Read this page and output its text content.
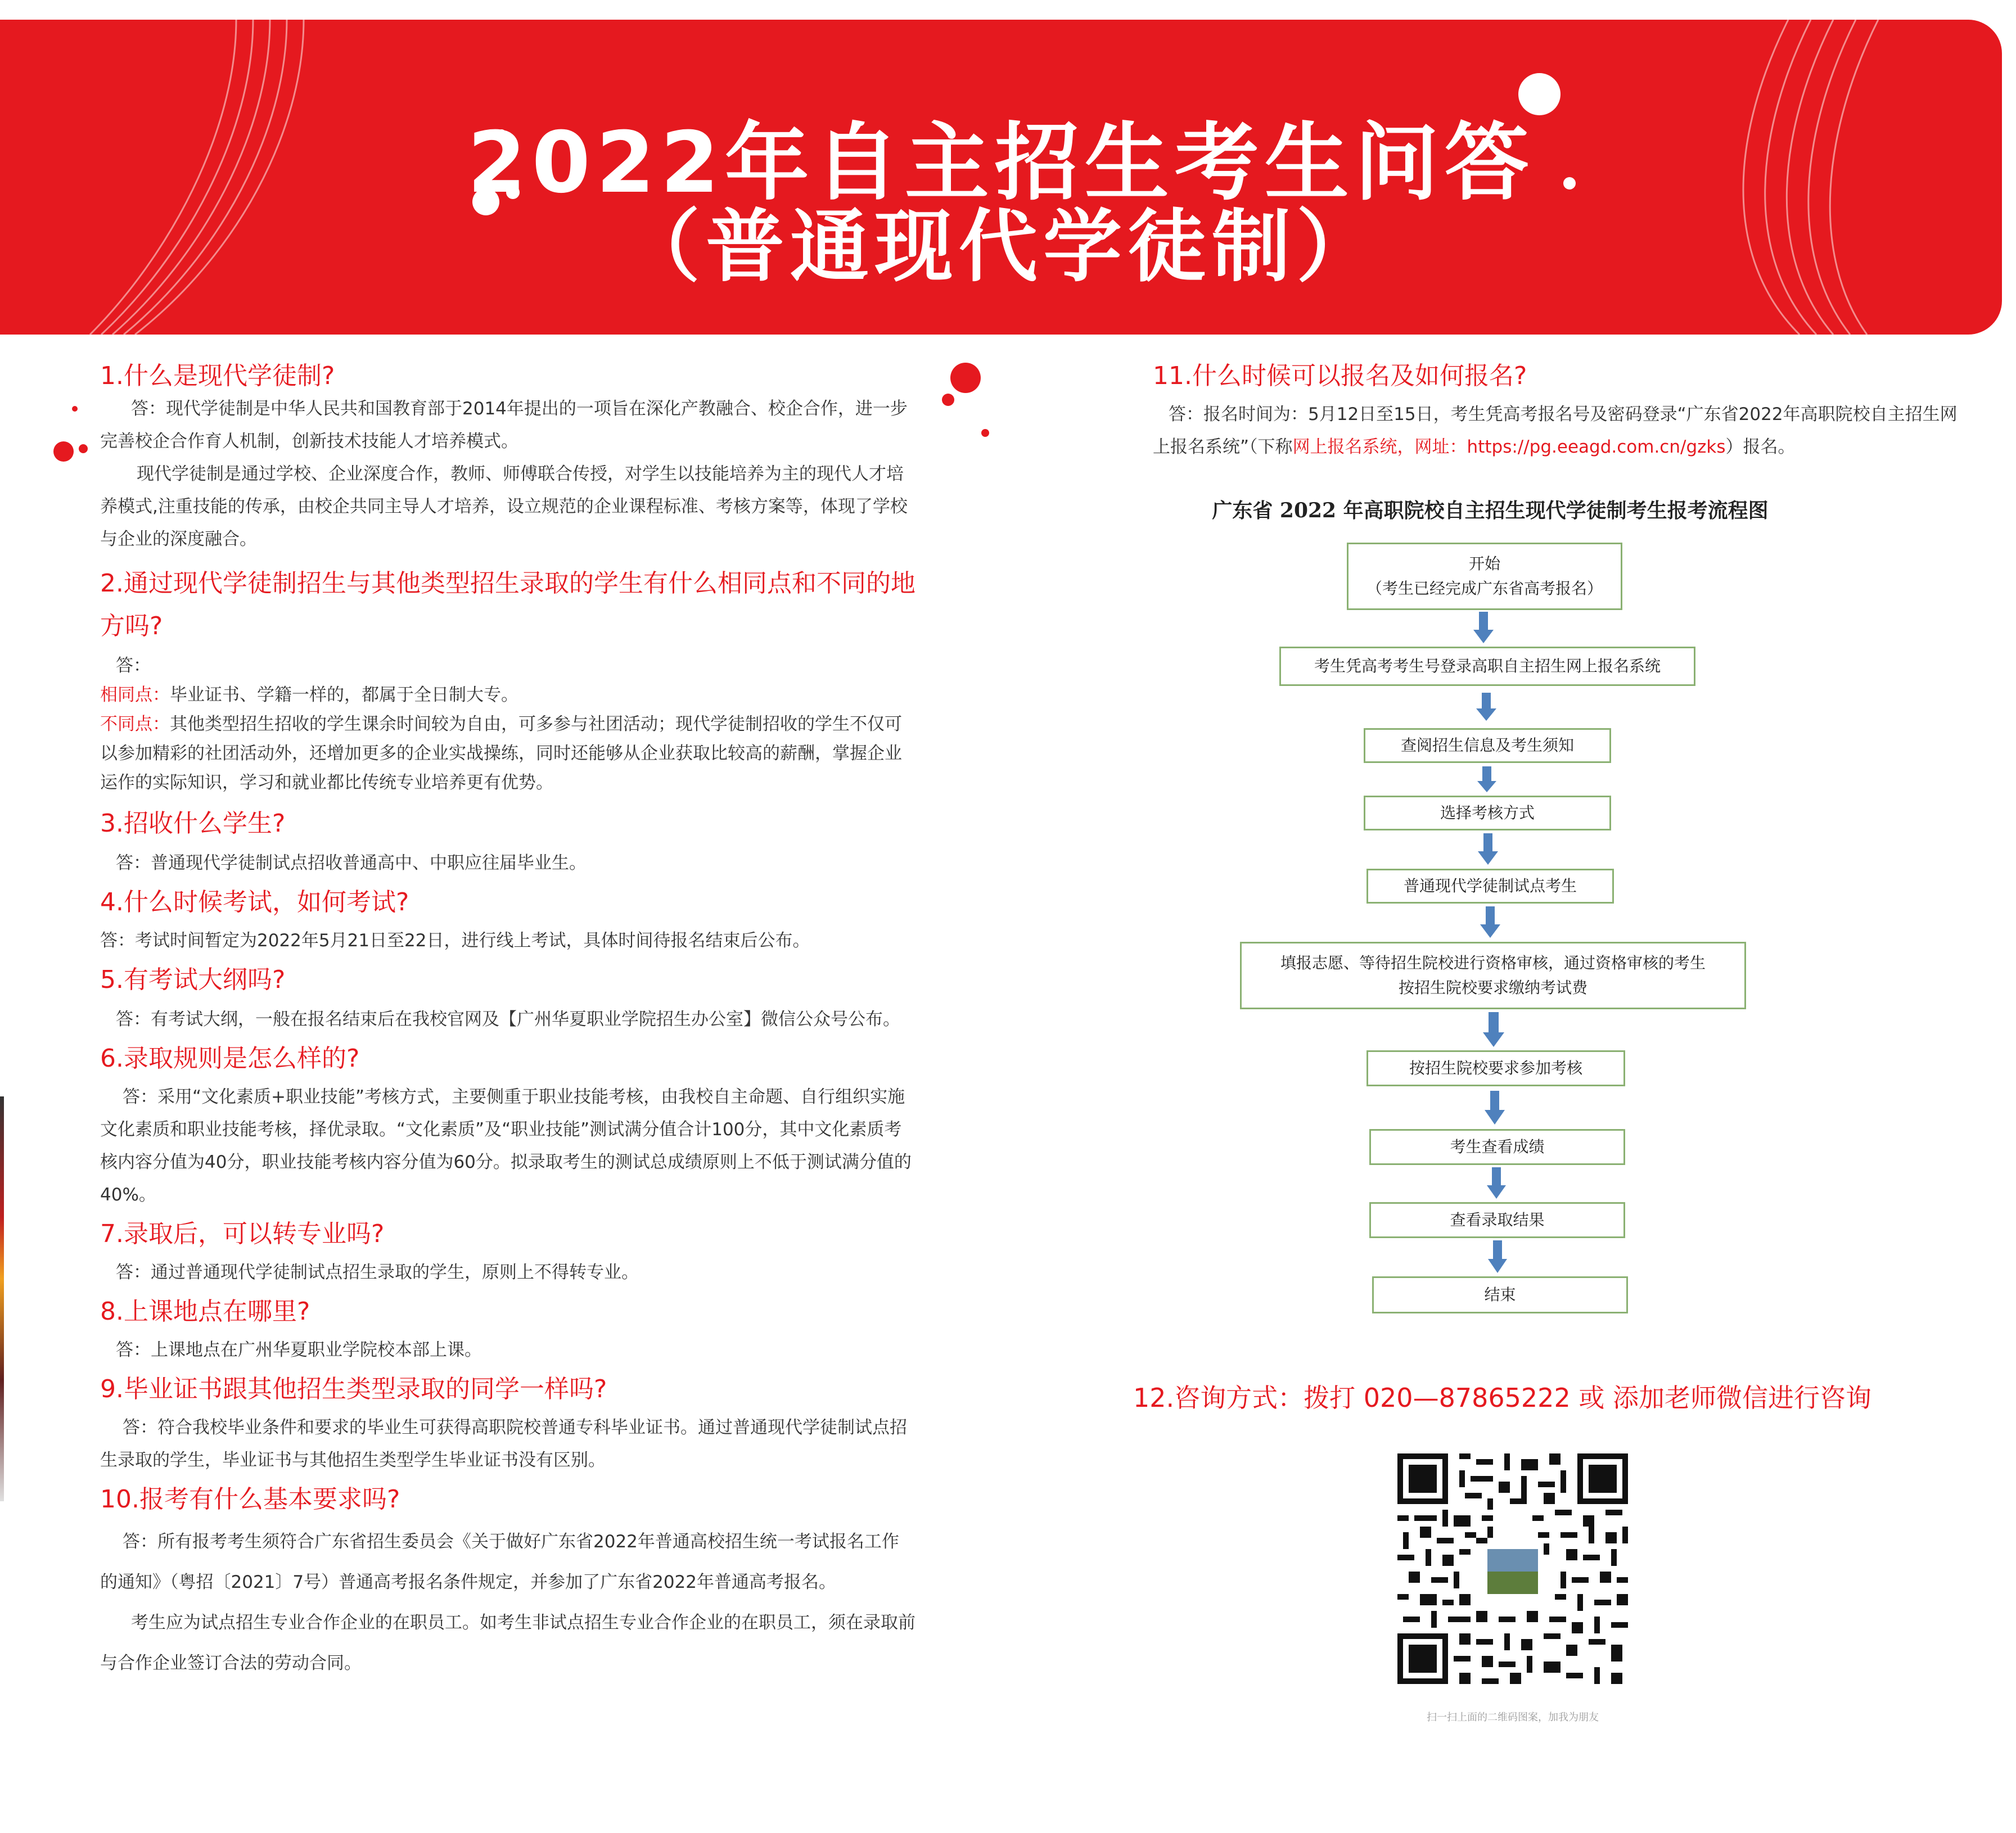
2022年自主招生考生问答
（普通现代学徒制）

1.什么是现代学徒制?

答：现代学徒制是中华人民共和国教育部于2014年提出的一项旨在深化产教融合、校企合作，进一步完善校企合作育人机制，创新技术技能人才培养模式。

现代学徒制是通过学校、企业深度合作，教师、师傅联合传授，对学生以技能培养为主的现代人才培养模式,注重技能的传承，由校企共同主导人才培养，设立规范的企业课程标准、考核方案等，体现了学校与企业的深度融合。

2.通过现代学徒制招生与其他类型招生录取的学生有什么相同点和不同的地方吗?

答：

相同点：毕业证书、学籍一样的，都属于全日制大专。

不同点：其他类型招生招收的学生课余时间较为自由，可多参与社团活动；现代学徒制招收的学生不仅可以参加精彩的社团活动外，还增加更多的企业实战操练，同时还能够从企业获取比较高的薪酬，掌握企业运作的实际知识，学习和就业都比传统专业培养更有优势。

3.招收什么学生?

答：普通现代学徒制试点招收普通高中、中职应往届毕业生。

4.什么时候考试，如何考试?

答：考试时间暂定为2022年5月21日至22日，进行线上考试，具体时间待报名结束后公布。

5.有考试大纲吗?

答：有考试大纲，一般在报名结束后在我校官网及【广州华夏职业学院招生办公室】微信公众号公布。

6.录取规则是怎么样的?

答：采用“文化素质+职业技能”考核方式，主要侧重于职业技能考核，由我校自主命题、自行组织实施文化素质和职业技能考核，择优录取。“文化素质”及“职业技能”测试满分值合计100分，其中文化素质考核内容分值为40分，职业技能考核内容分值为60分。拟录取考生的测试总成绩原则上不低于测试满分值的40%。

7.录取后，可以转专业吗?

答：通过普通现代学徒制试点招生录取的学生，原则上不得转专业。

8.上课地点在哪里?

答：上课地点在广州华夏职业学院校本部上课。

9.毕业证书跟其他招生类型录取的同学一样吗?

答：符合我校毕业条件和要求的毕业生可获得高职院校普通专科毕业证书。通过普通现代学徒制试点招生录取的学生，毕业证书与其他招生类型学生毕业证书没有区别。

10.报考有什么基本要求吗?

答：所有报考考生须符合广东省招生委员会《关于做好广东省2022年普通高校招生统一考试报名工作的通知》（粤招〔2021〕7号）普通高考报名条件规定，并参加了广东省2022年普通高考报名。

考生应为试点招生专业合作企业的在职员工。如考生非试点招生专业合作企业的在职员工，须在录取前与合作企业签订合法的劳动合同。

11.什么时候可以报名及如何报名?

答：报名时间为：5月12日至15日，考生凭高考报名号及密码登录“广东省2022年高职院校自主招生网上报名系统”（下称网上报名系统，网址：https://pg.eeagd.com.cn/gzks）报名。

广东省 2022 年高职院校自主招生现代学徒制考生报考流程图
开始
（考生已经完成广东省高考报名）
考生凭高考考生号登录高职自主招生网上报名系统
查阅招生信息及考生须知
选择考核方式
普通现代学徒制试点考生
填报志愿、等待招生院校进行资格审核，通过资格审核的考生
按招生院校要求缴纳考试费
按招生院校要求参加考核
考生查看成绩
查看录取结果
结束
12.咨询方式：拨打 020—87865222 或 添加老师微信进行咨询
扫一扫上面的二维码图案，加我为朋友
